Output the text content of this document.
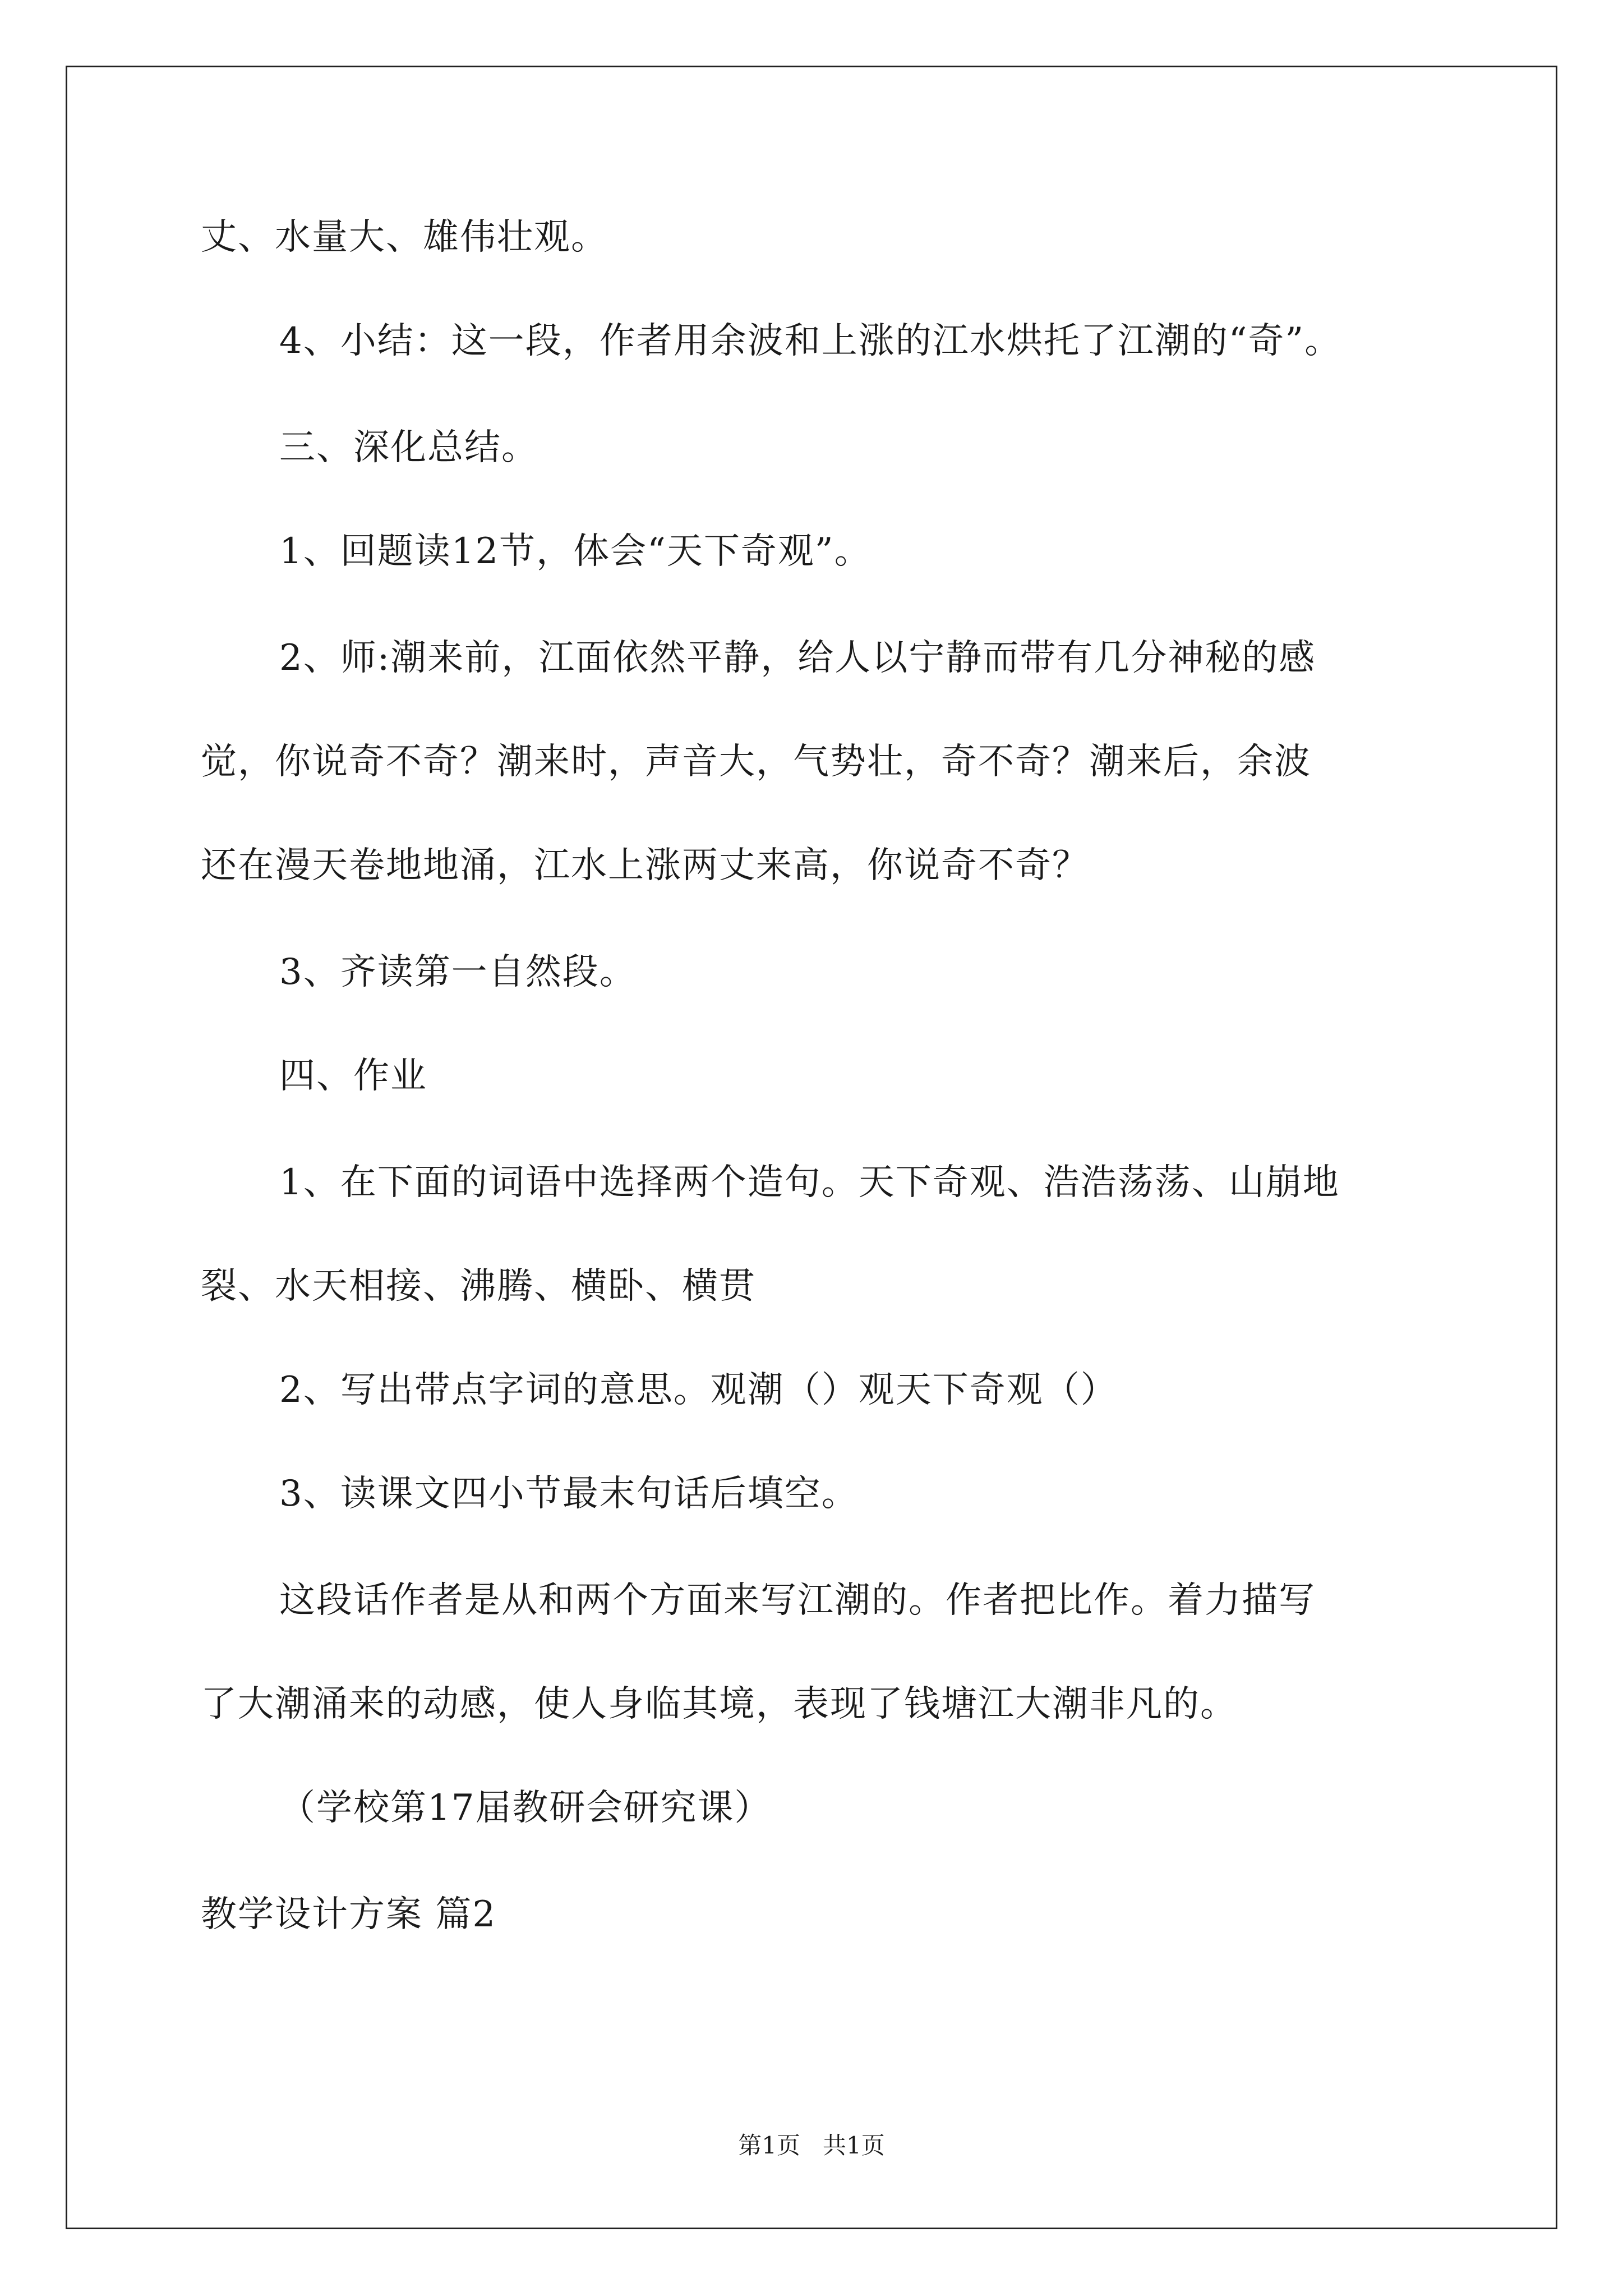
丈、水量大、雄伟壮观。
4、小结：这一段，作者用余波和上涨的江水烘托了江潮的“奇”。
三、深化总结。
1、回题读12节，体会“天下奇观”。
2、师:潮来前，江面依然平静，给人以宁静而带有几分神秘的感
觉，你说奇不奇？潮来时，声音大，气势壮，奇不奇？潮来后，余波
还在漫天卷地地涌，江水上涨两丈来高，你说奇不奇？
3、齐读第一自然段。
四、作业
1、在下面的词语中选择两个造句。天下奇观、浩浩荡荡、山崩地
裂、水天相接、沸腾、横卧、横贯
2、写出带点字词的意思。观潮（）观天下奇观（）
3、读课文四小节最末句话后填空。
这段话作者是从和两个方面来写江潮的。作者把比作。着力描写
了大潮涌来的动感，使人身临其境，表现了钱塘江大潮非凡的。
（学校第17届教研会研究课）
教学设计方案 篇2
第1页   共1页
